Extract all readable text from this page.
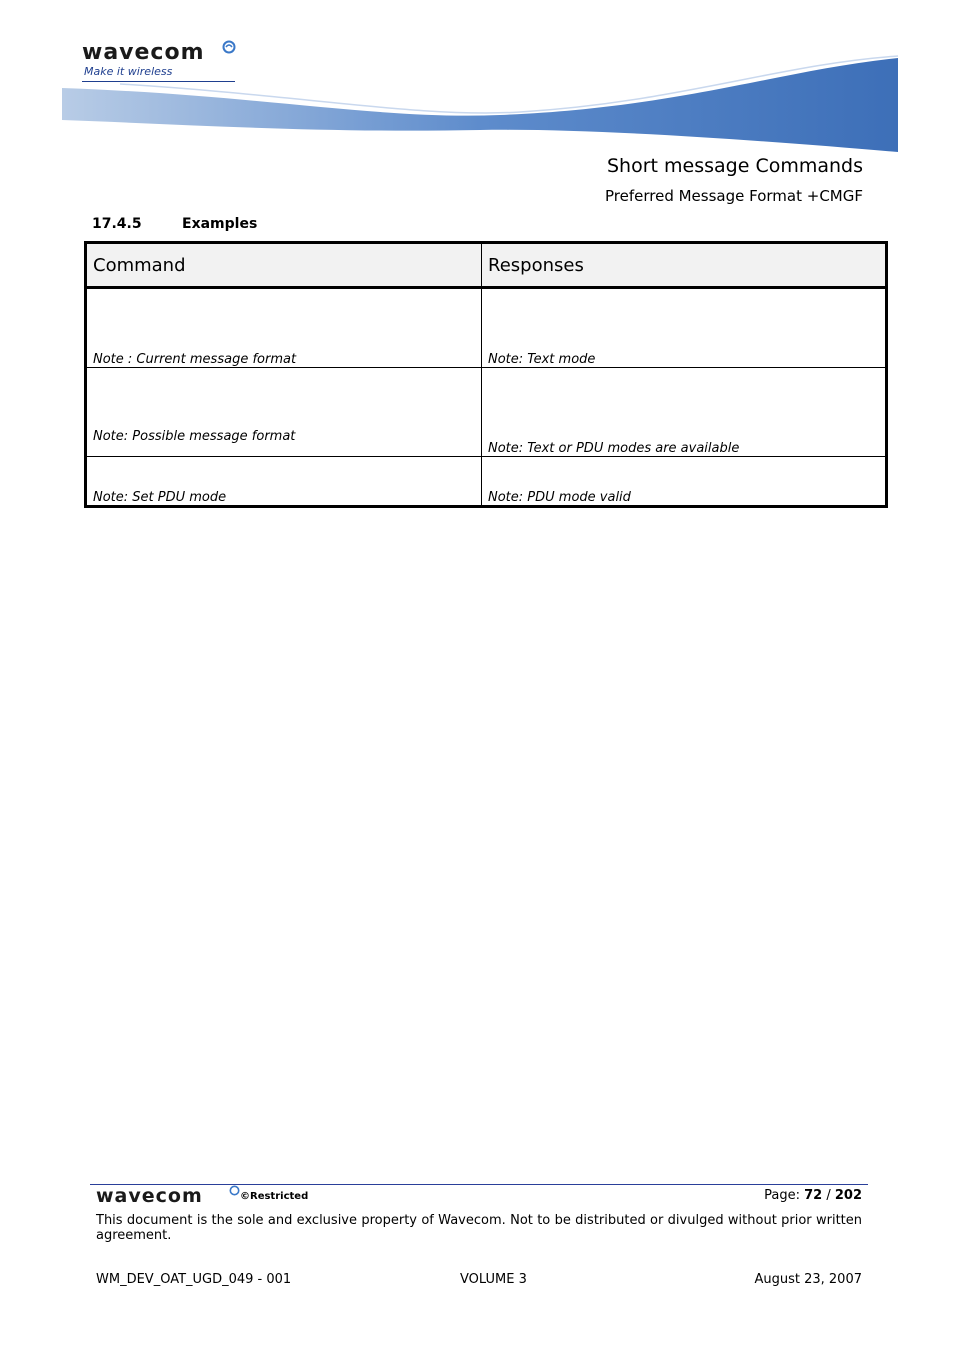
wavecom
Make it wireless
Short message Commands
Preferred Message Format +CMGF
17.4.5	Examples
Command	Responses
Note : Current message format	Note: Text mode
Note: Possible message format	Note: Text or PDU modes are available
Note: Set PDU mode	Note: PDU mode valid
wavecom	©Restricted	Page: 72 / 202
This document is the sole and exclusive property of Wavecom. Not to be distributed or divulged without prior written agreement.
WM_DEV_OAT_UGD_049 - 001	VOLUME 3	August 23, 2007
